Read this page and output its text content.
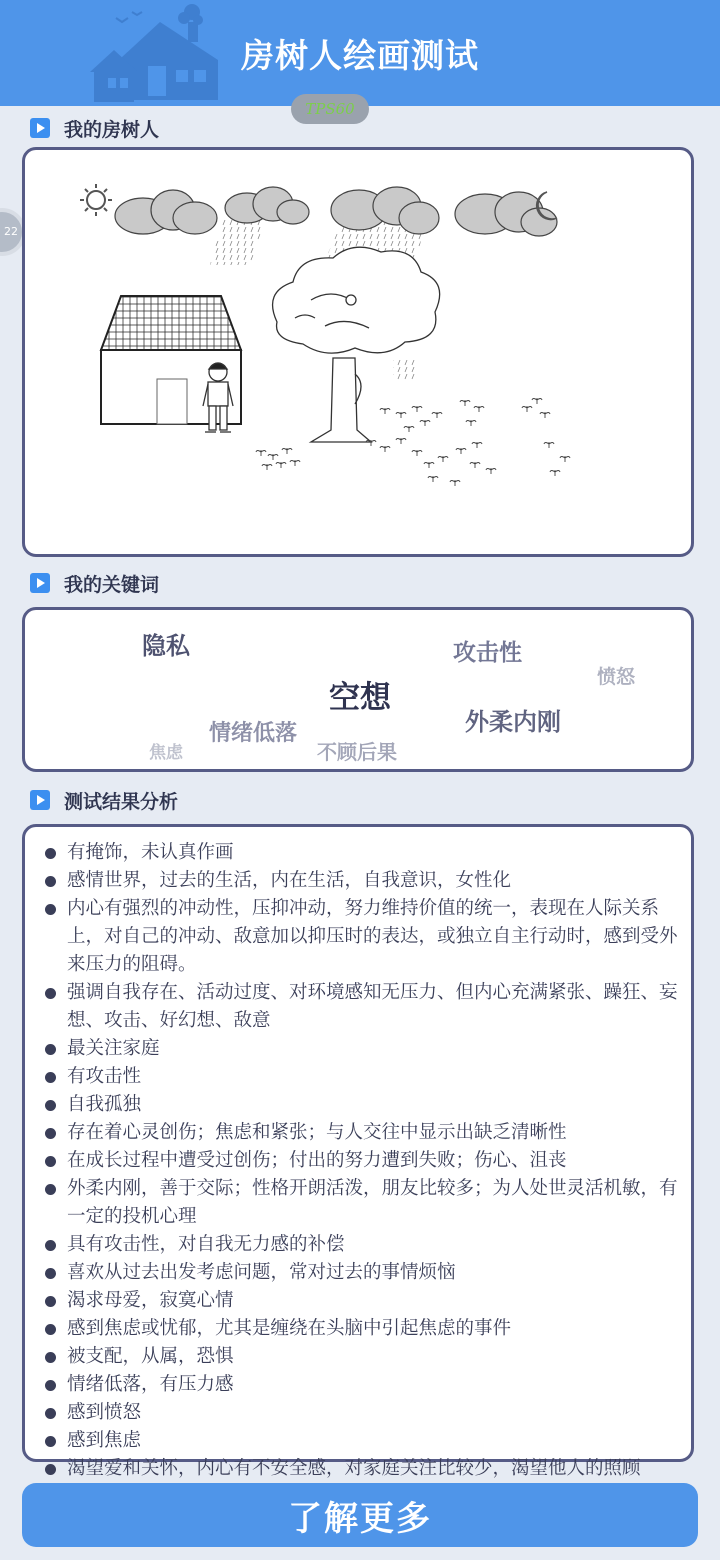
房树人绘画测试
TPS60
22
我的房树人
我的关键词
隐私	攻击性
愤怒
空想
外柔内刚
情绪低落
焦虑	不顾后果
测试结果分析
有掩饰，未认真作画
感情世界，过去的生活，内在生活，自我意识，女性化
内心有强烈的冲动性，压抑冲动，努力维持价值的统一，表现在人际关系上，对自己的冲动、敌意加以抑压时的表达，或独立自主行动时，感到受外来压力的阻碍。
强调自我存在、活动过度、对环境感知无压力、但内心充满紧张、躁狂、妄想、攻击、好幻想、敌意
最关注家庭
有攻击性
自我孤独
存在着心灵创伤；焦虑和紧张；与人交往中显示出缺乏清晰性
在成长过程中遭受过创伤；付出的努力遭到失败；伤心、沮丧
外柔内刚，善于交际；性格开朗活泼，朋友比较多；为人处世灵活机敏，有一定的投机心理
具有攻击性，对自我无力感的补偿
喜欢从过去出发考虑问题，常对过去的事情烦恼
渴求母爱，寂寞心情
感到焦虑或忧郁，尤其是缠绕在头脑中引起焦虑的事件
被支配，从属，恐惧
情绪低落，有压力感
感到愤怒
感到焦虑
渴望爱和关怀，内心有不安全感，对家庭关注比较少，渴望他人的照顾
了解更多
